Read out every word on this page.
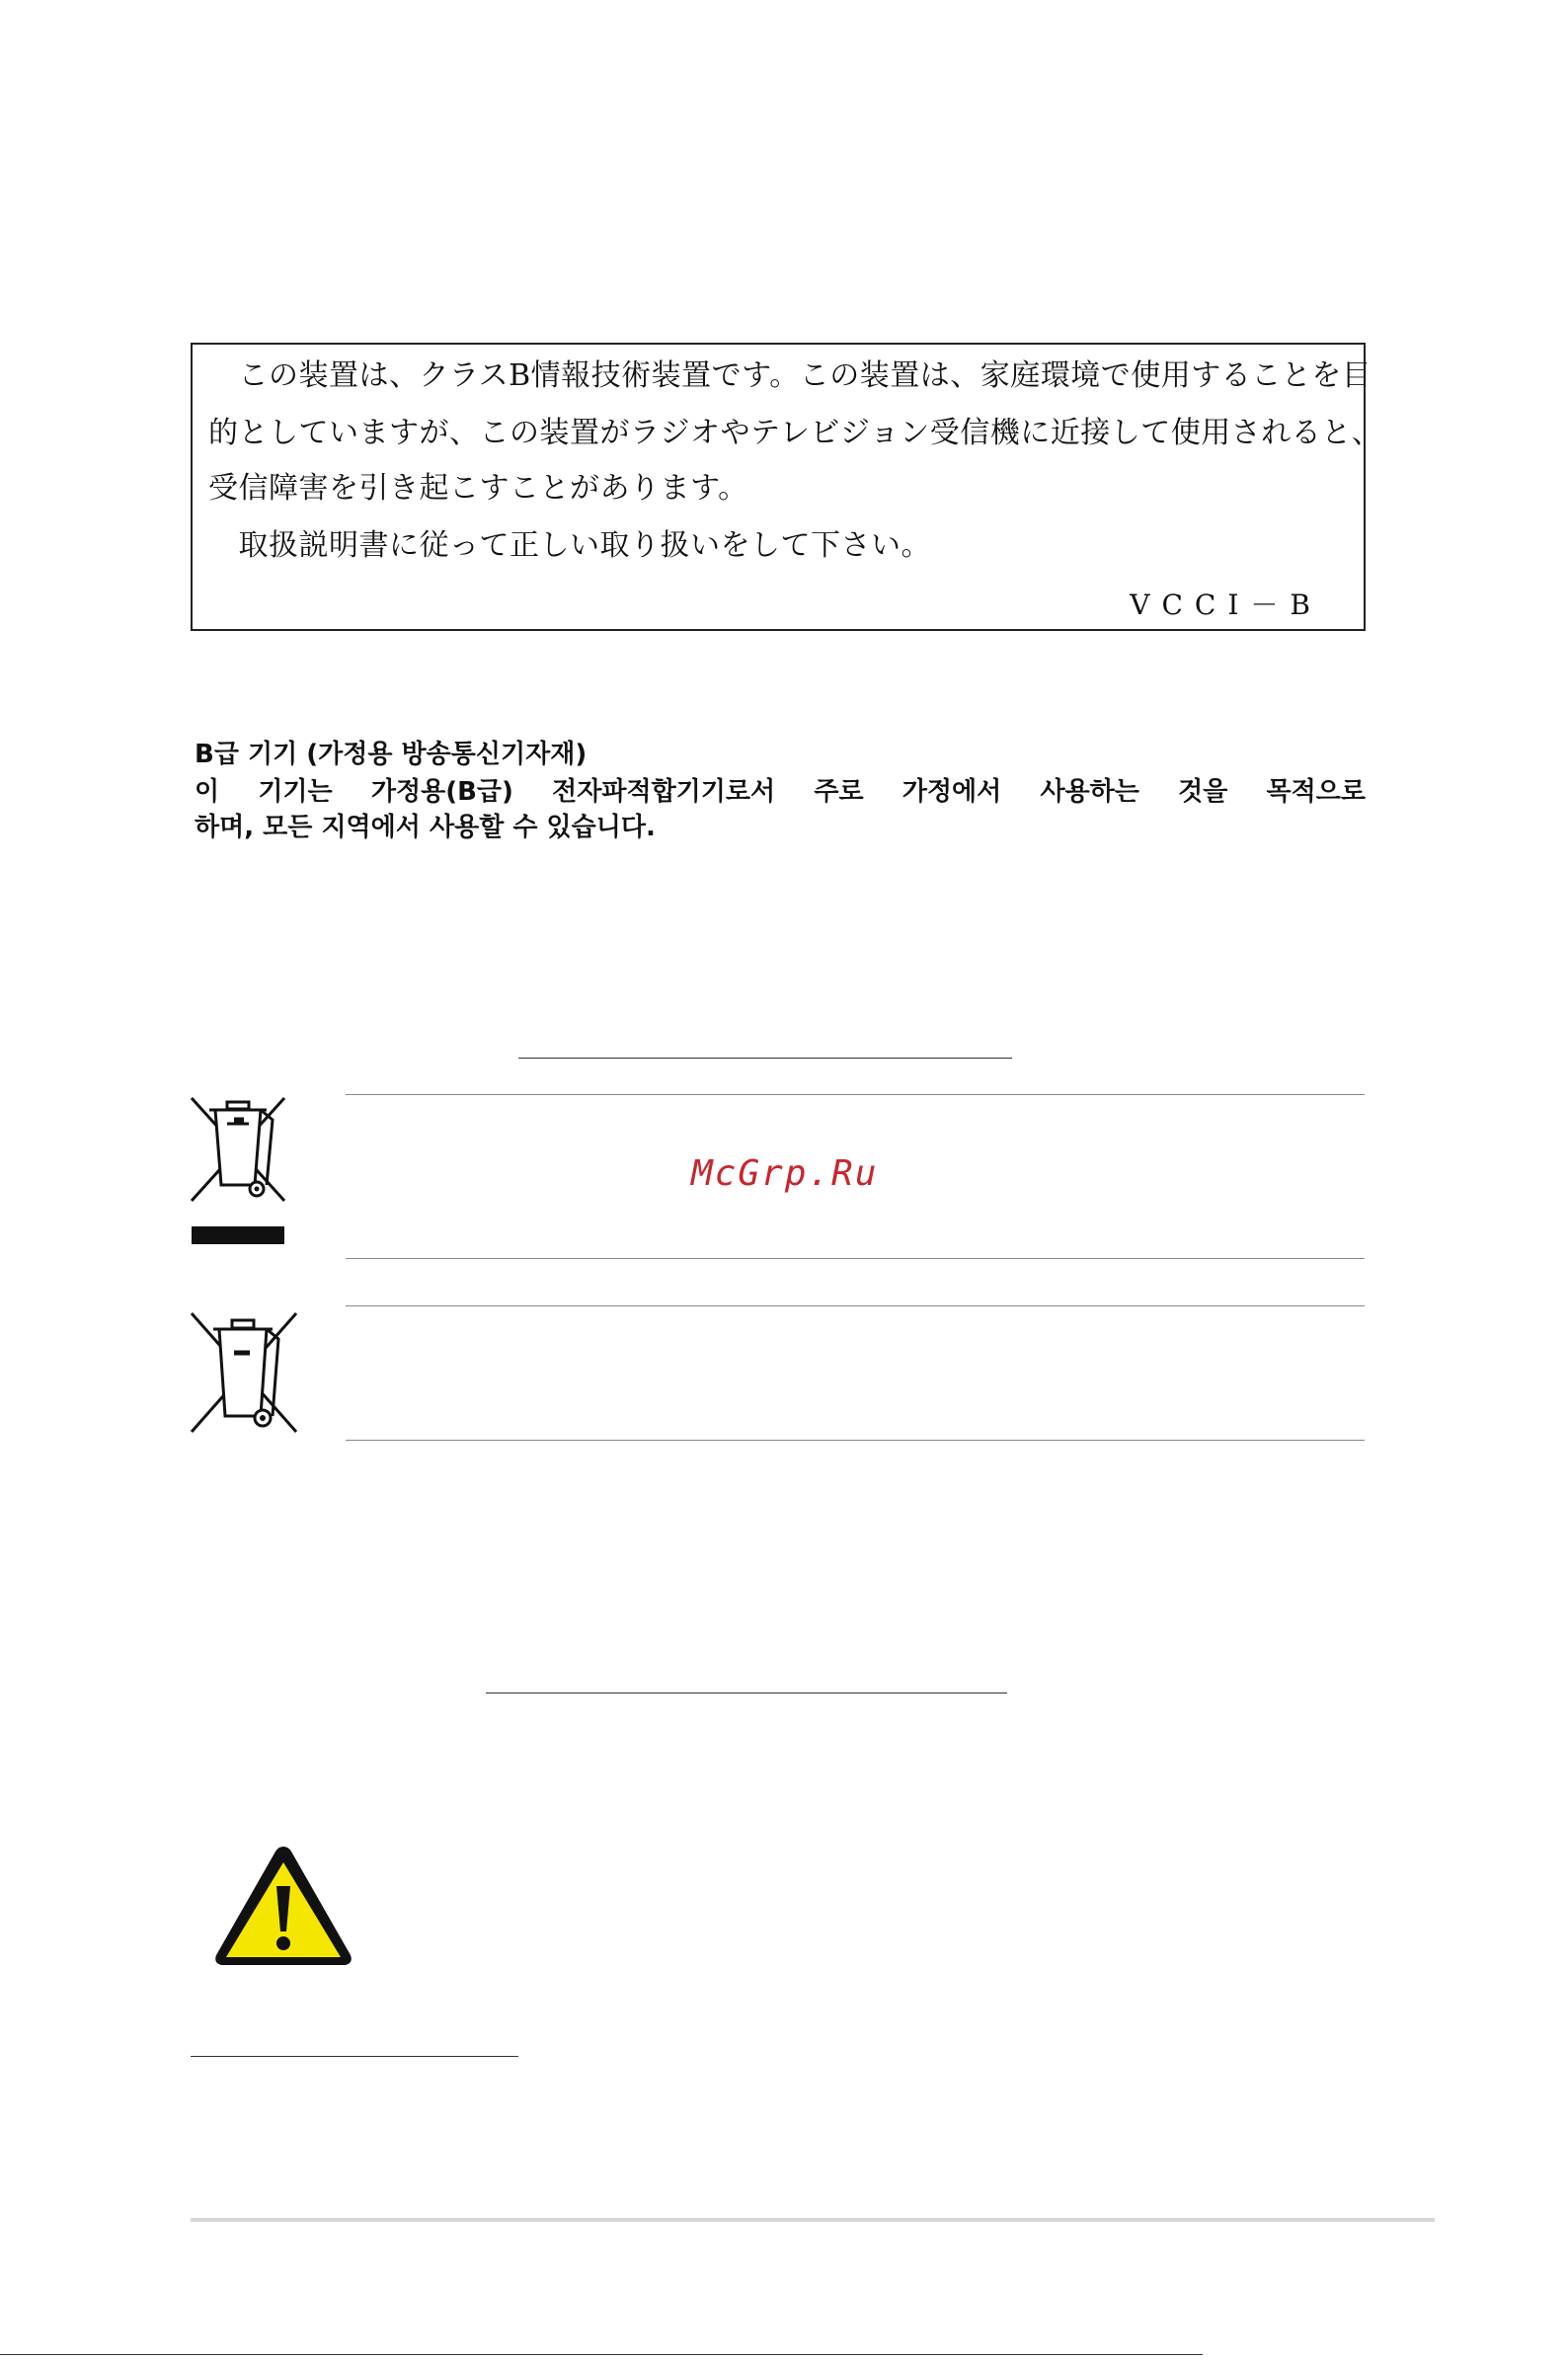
　この装置は、クラスB情報技術装置です。この装置は、家庭環境で使用することを目
的としていますが、この装置がラジオやテレビジョン受信機に近接して使用されると、
受信障害を引き起こすことがあります。
　取扱説明書に従って正しい取り扱いをして下さい。
VCCI－B
B급 기기 (가정용 방송통신기자재)
이 기기는 가정용(B급) 전자파적합기기로서 주로 가정에서 사용하는 것을 목적으로
하며, 모든 지역에서 사용할 수 있습니다.
McGrp.Ru
